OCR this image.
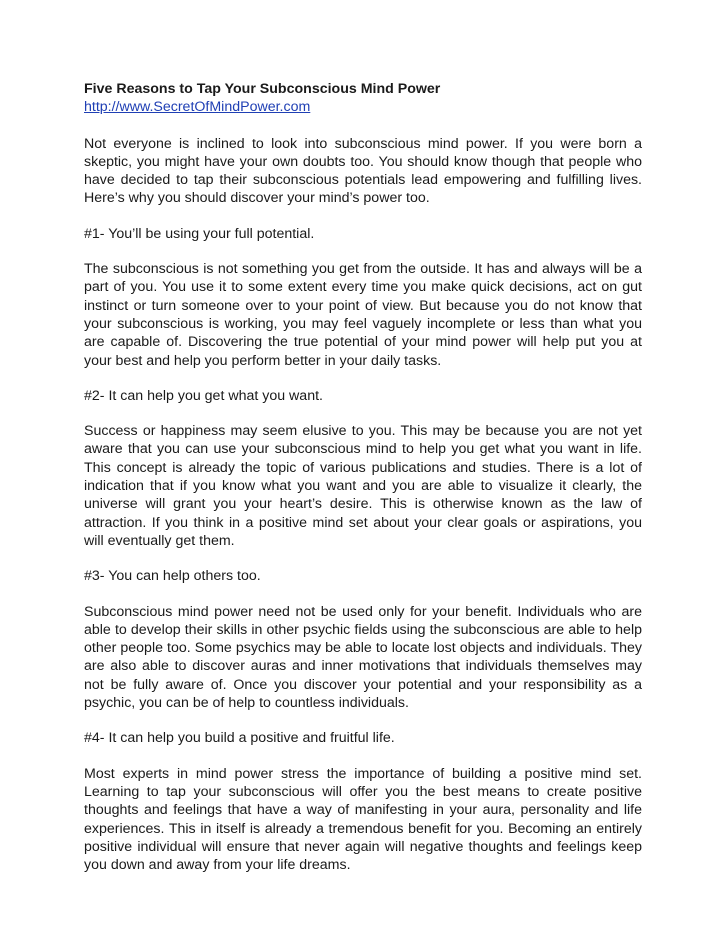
Five Reasons to Tap Your Subconscious Mind Power

http://www.SecretOfMindPower.com

Not everyone is inclined to look into subconscious mind power. If you were born a skeptic, you might have your own doubts too. You should know though that people who have decided to tap their subconscious potentials lead empowering and fulfilling lives. Here’s why you should discover your mind’s power too.

#1- You’ll be using your full potential.

The subconscious is not something you get from the outside. It has and always will be a part of you. You use it to some extent every time you make quick decisions, act on gut instinct or turn someone over to your point of view. But because you do not know that your subconscious is working, you may feel vaguely incomplete or less than what you are capable of. Discovering the true potential of your mind power will help put you at your best and help you perform better in your daily tasks.

#2- It can help you get what you want.

Success or happiness may seem elusive to you. This may be because you are not yet aware that you can use your subconscious mind to help you get what you want in life. This concept is already the topic of various publications and studies. There is a lot of indication that if you know what you want and you are able to visualize it clearly, the universe will grant you your heart’s desire. This is otherwise known as the law of attraction. If you think in a positive mind set about your clear goals or aspirations, you will eventually get them.

#3- You can help others too.

Subconscious mind power need not be used only for your benefit. Individuals who are able to develop their skills in other psychic fields using the subconscious are able to help other people too. Some psychics may be able to locate lost objects and individuals. They are also able to discover auras and inner motivations that individuals themselves may not be fully aware of. Once you discover your potential and your responsibility as a psychic, you can be of help to countless individuals.

#4- It can help you build a positive and fruitful life.

Most experts in mind power stress the importance of building a positive mind set. Learning to tap your subconscious will offer you the best means to create positive thoughts and feelings that have a way of manifesting in your aura, personality and life experiences. This in itself is already a tremendous benefit for you. Becoming an entirely positive individual will ensure that never again will negative thoughts and feelings keep you down and away from your life dreams.
